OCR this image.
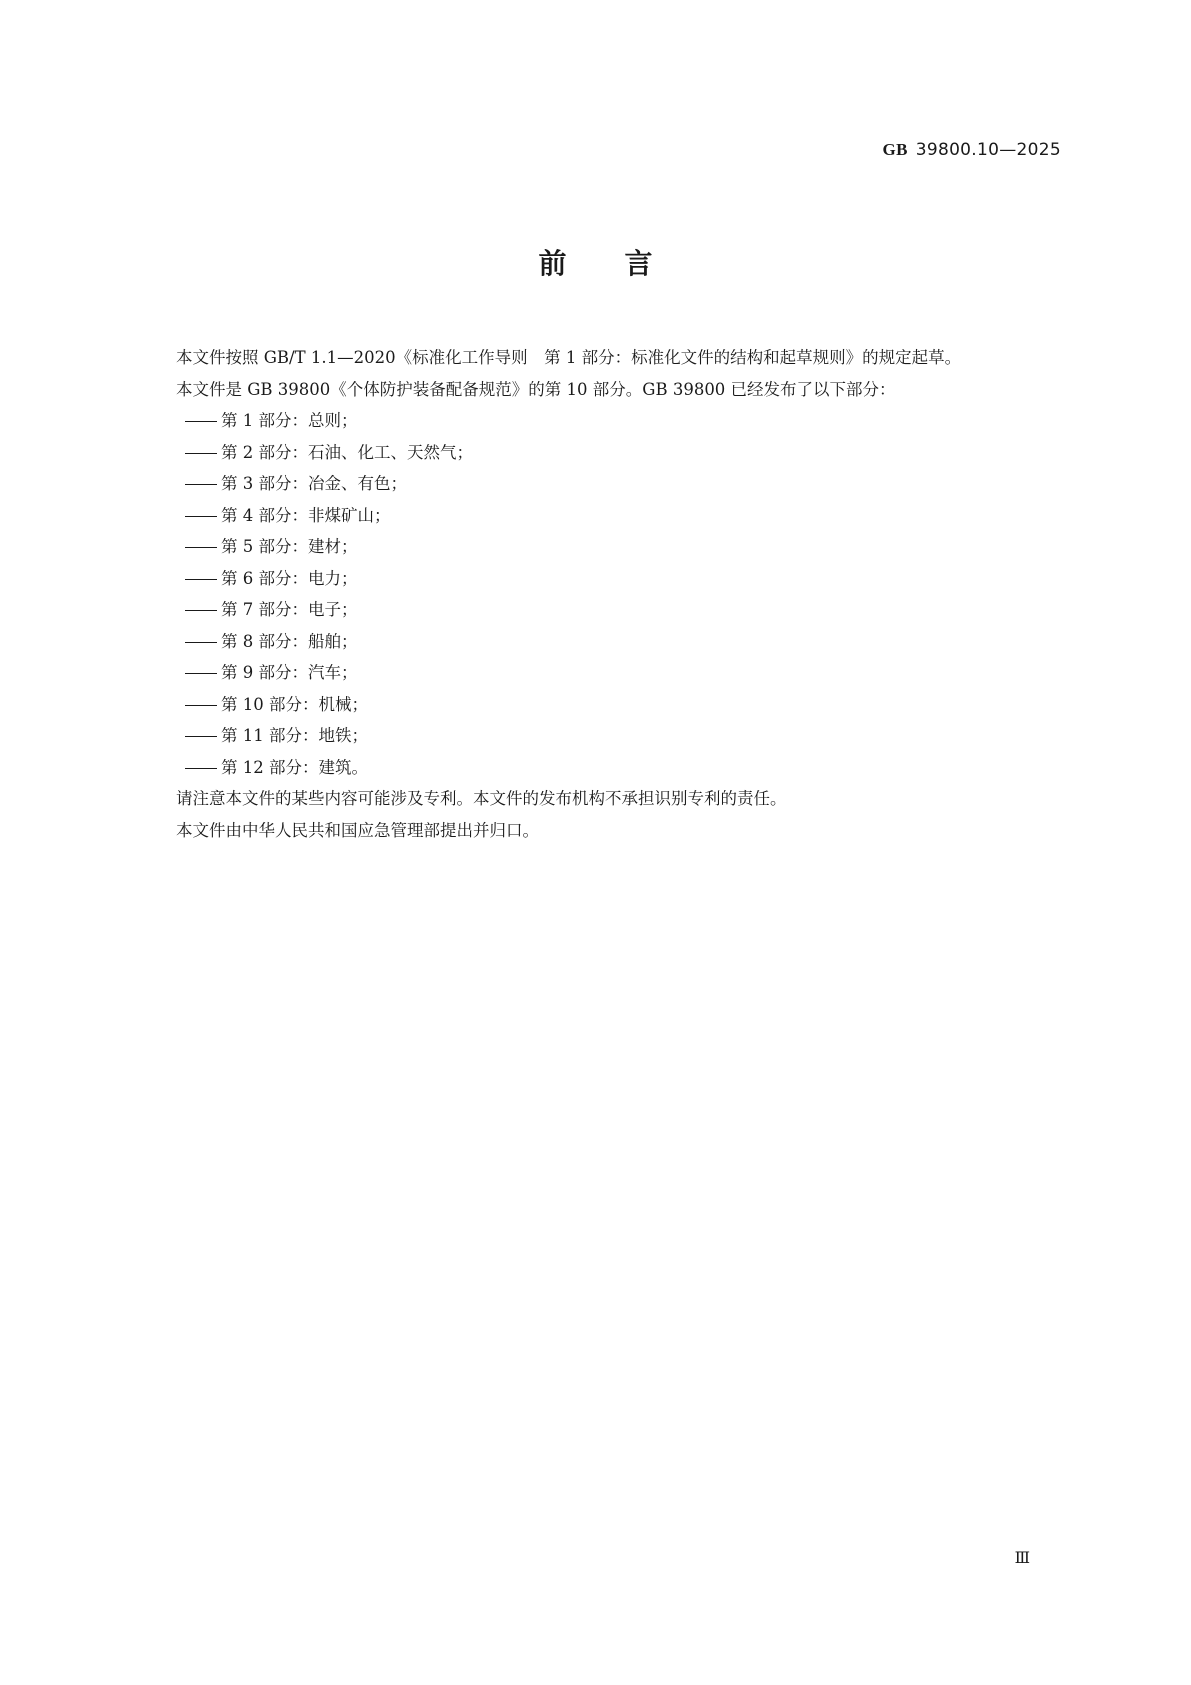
GB 39800.10—2025
前言

本文件按照 GB/T 1.1—2020《标准化工作导则　第 1 部分：标准化文件的结构和起草规则》的规定起草。

本文件是 GB 39800《个体防护装备配备规范》的第 10 部分。GB 39800 已经发布了以下部分：

第 1 部分：总则；

第 2 部分：石油、化工、天然气；

第 3 部分：冶金、有色；

第 4 部分：非煤矿山；

第 5 部分：建材；

第 6 部分：电力；

第 7 部分：电子；

第 8 部分：船舶；

第 9 部分：汽车；

第 10 部分：机械；

第 11 部分：地铁；

第 12 部分：建筑。

请注意本文件的某些内容可能涉及专利。本文件的发布机构不承担识别专利的责任。

本文件由中华人民共和国应急管理部提出并归口。

Ⅲ
